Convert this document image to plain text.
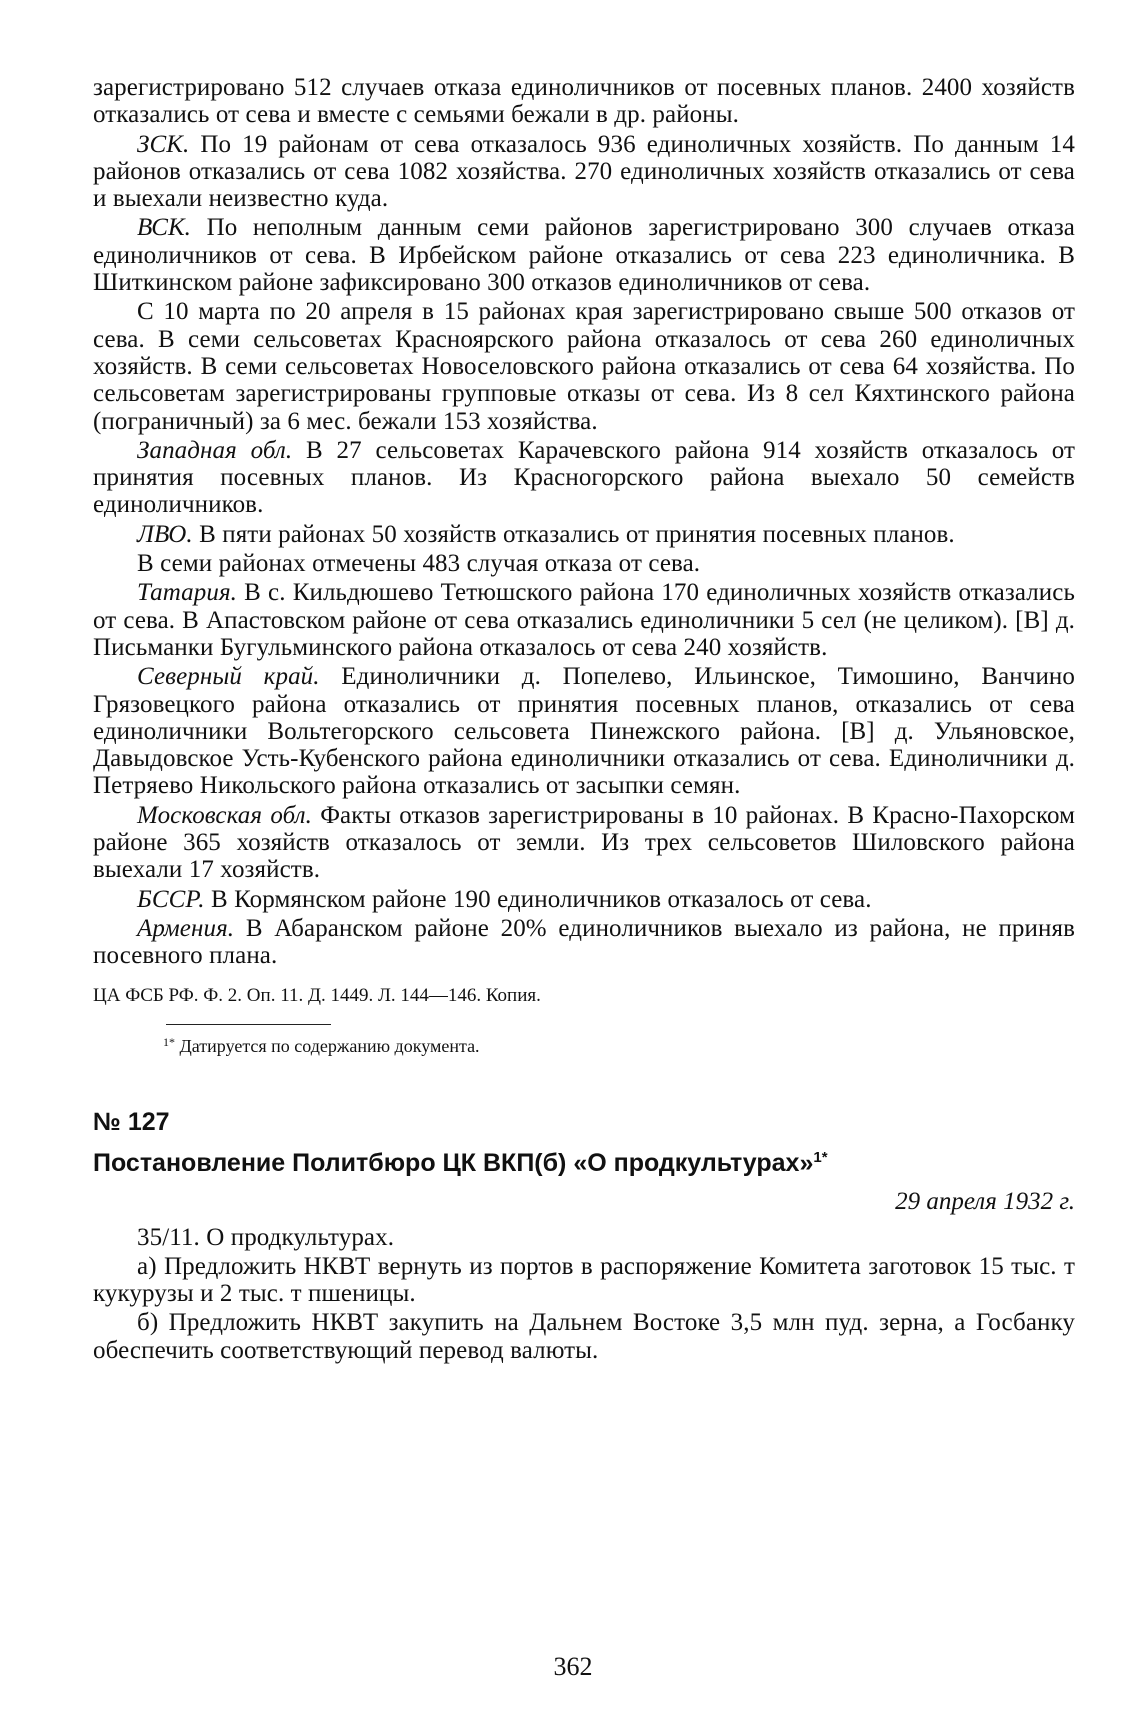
зарегистрировано 512 случаев отказа единоличников от посевных планов. 2400 хозяйств отказались от сева и вместе с семьями бежали в др. районы.

ЗСК. По 19 районам от сева отказалось 936 единоличных хозяйств. По данным 14 районов отказались от сева 1082 хозяйства. 270 единоличных хозяйств отказались от сева и выехали неизвестно куда.

ВСК. По неполным данным семи районов зарегистрировано 300 случаев отказа единоличников от сева. В Ирбейском районе отказались от сева 223 единоличника. В Шиткинском районе зафиксировано 300 отказов единоличников от сева.

С 10 марта по 20 апреля в 15 районах края зарегистрировано свыше 500 отказов от сева. В семи сельсоветах Красноярского района отказалось от сева 260 единоличных хозяйств. В семи сельсоветах Новоселовского района отказались от сева 64 хозяйства. По сельсоветам зарегистрированы групповые отказы от сева. Из 8 сел Кяхтинского района (пограничный) за 6 мес. бежали 153 хозяйства.

Западная обл. В 27 сельсоветах Карачевского района 914 хозяйств отказалось от принятия посевных планов. Из Красногорского района выехало 50 семейств единоличников.

ЛВО. В пяти районах 50 хозяйств отказались от принятия посевных планов.

В семи районах отмечены 483 случая отказа от сева.

Татария. В с. Кильдюшево Тетюшского района 170 единоличных хозяйств отказались от сева. В Апастовском районе от сева отказались единоличники 5 сел (не целиком). [В] д. Письманки Бугульминского района отказалось от сева 240 хозяйств.

Северный край. Единоличники д. Попелево, Ильинское, Тимошино, Ванчино Грязовецкого района отказались от принятия посевных планов, отказались от сева единоличники Вольтегорского сельсовета Пинежского района. [В] д. Ульяновское, Давыдовское Усть-Кубенского района единоличники отказались от сева. Единоличники д. Петряево Никольского района отказались от засыпки семян.

Московская обл. Факты отказов зарегистрированы в 10 районах. В Красно-Пахорском районе 365 хозяйств отказалось от земли. Из трех сельсоветов Шиловского района выехали 17 хозяйств.

БССР. В Кормянском районе 190 единоличников отказалось от сева.

Армения. В Абаранском районе 20% единоличников выехало из района, не приняв посевного плана.

ЦА ФСБ РФ. Ф. 2. Оп. 11. Д. 1449. Л. 144—146. Копия.

$^{1*}$ Датируется по содержанию документа.

№ 127
Постановление Политбюро ЦК ВКП(б) «О продкультурах»$^{1*}$
29 апреля 1932 г.

35/11. О продкультурах.

а) Предложить НКВТ вернуть из портов в распоряжение Комитета заготовок 15 тыс. т кукурузы и 2 тыс. т пшеницы.

б) Предложить НКВТ закупить на Дальнем Востоке 3,5 млн пуд. зерна, а Госбанку обеспечить соответствующий перевод валюты.

362
